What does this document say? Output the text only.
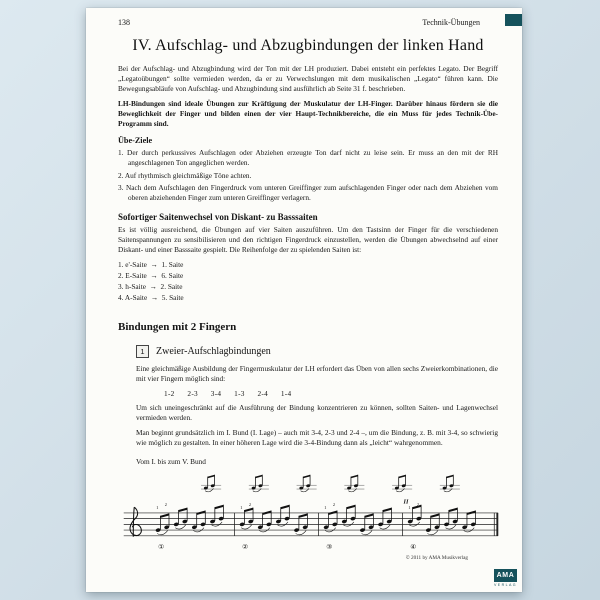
138	Technik-Übungen
IV. Aufschlag- und Abzugbindungen der linken Hand

Bei der Aufschlag- und Abzugbindung wird der Ton mit der LH produziert. Dabei entsteht ein perfektes Legato. Der Begriff „Legatoübungen“ sollte vermieden werden, da er zu Verwechslungen mit dem musikalischen „Legato“ führen kann. Die Bewegungsabläufe von Aufschlag- und Abzugbindung sind ausführlich ab Seite 31 f. beschrieben.

LH-Bindungen sind ideale Übungen zur Kräftigung der Muskulatur der LH-Finger. Darüber hinaus fördern sie die Beweglichkeit der Finger und bilden einen der vier Haupt-Technikbereiche, die ein Muss für jedes Technik-Übe-Programm sind.

Übe-Ziele

1. Der durch perkussives Aufschlagen oder Abziehen erzeugte Ton darf nicht zu leise sein. Er muss an den mit der RH angeschlagenen Ton angeglichen werden.

2. Auf rhythmisch gleichmäßige Töne achten.

3. Nach dem Aufschlagen den Fingerdruck vom unteren Greiffinger zum aufschlagenden Finger oder nach dem Abziehen vom oberen abziehenden Finger zum unteren Greiffinger verlagern.

Sofortiger Saitenwechsel von Diskant- zu Basssaiten

Es ist völlig ausreichend, die Übungen auf vier Saiten auszuführen. Um den Tastsinn der Finger für die verschiedenen Saitenspannungen zu sensibilisieren und den richtigen Fingerdruck einzustellen, werden die Übungen abwechselnd auf einer Diskant- und einer Basssaite gespielt. Die Reihenfolge der zu spielenden Saiten ist:

1. e'-Saite  →  1. Saite
2. E-Saite  →  6. Saite
3. h-Saite  →  2. Saite
4. A-Saite  →  5. Saite
Bindungen mit 2 Fingern
1	Zweier-Aufschlagbindungen

Eine gleichmäßige Ausbildung der Fingermuskulatur der LH erfordert das Üben von allen sechs Zweierkombinationen, die mit vier Fingern möglich sind:

1-2      2-3      3-4      1-3      2-4      1-4

Um sich uneingeschränkt auf die Ausführung der Bindung konzentrieren zu können, sollten Saiten- und Lagenwechsel vermieden werden.

Man beginnt grundsätzlich im I. Bund (I. Lage) – auch mit 3-4, 2-3 und 2-4 –, um die Bindung, z. B. mit 3-4, so schwierig wie möglich zu gestalten. In einer höheren Lage wird die 3-4-Bindung dann als „leicht“ wahrgenommen.

Vom I. bis zum V. Bund
①
1
2
②
1
2
③
1
2
④
1
2
II
© 2011 by AMA Musikverlag
AMA
VERLAG
